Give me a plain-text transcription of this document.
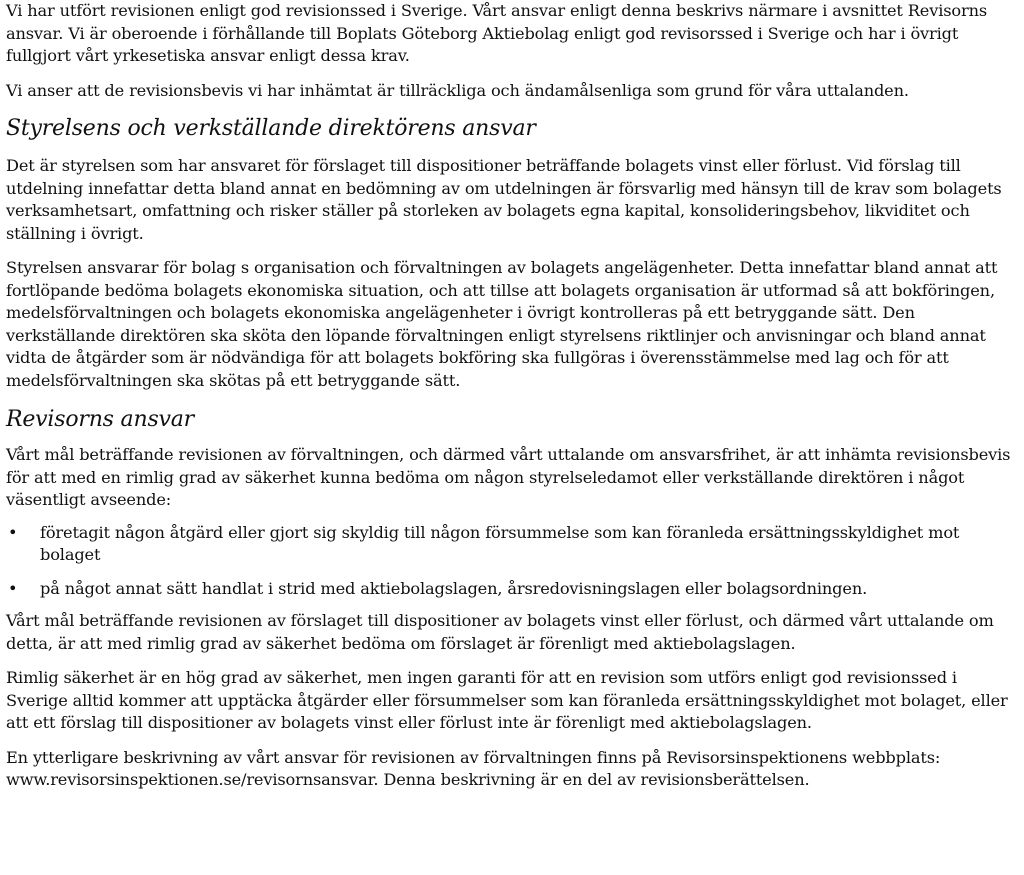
Vi har utfört revisionen enligt god revisionssed i Sverige. Vårt ansvar enligt denna beskrivs närmare i avsnittet Revisorns ansvar. Vi är oberoende i förhållande till Boplats Göteborg Aktiebolag enligt god revisorssed i Sverige och har i övrigt fullgjort vårt yrkesetiska ansvar enligt dessa krav.

Vi anser att de revisionsbevis vi har inhämtat är tillräckliga och ändamålsenliga som grund för våra uttalanden.

Styrelsens och verkställande direktörens ansvar

Det är styrelsen som har ansvaret för förslaget till dispositioner beträffande bolagets vinst eller förlust. Vid förslag till utdelning innefattar detta bland annat en bedömning av om utdelningen är försvarlig med hänsyn till de krav som bolagets verksamhetsart, omfattning och risker ställer på storleken av bolagets egna kapital, konsolideringsbehov, likviditet och ställning i övrigt.

Styrelsen ansvarar för bolag s organisation och förvaltningen av bolagets angelägenheter. Detta innefattar bland annat att fortlöpande bedöma bolagets ekonomiska situation, och att tillse att bolagets organisation är utformad så att bokföringen, medelsförvaltningen och bolagets ekonomiska angelägenheter i övrigt kontrolleras på ett betryggande sätt. Den verkställande direktören ska sköta den löpande förvaltningen enligt styrelsens riktlinjer och anvisningar och bland annat vidta de åtgärder som är nödvändiga för att bolagets bokföring ska fullgöras i överensstämmelse med lag och för att medelsförvaltningen ska skötas på ett betryggande sätt.

Revisorns ansvar

Vårt mål beträffande revisionen av förvaltningen, och därmed vårt uttalande om ansvarsfrihet, är att inhämta revisionsbevis för att med en rimlig grad av säkerhet kunna bedöma om någon styrelseledamot eller verkställande direktören i något väsentligt avseende:

• företagit någon åtgärd eller gjort sig skyldig till någon försummelse som kan föranleda ersättningsskyldighet mot bolaget
• på något annat sätt handlat i strid med aktiebolagslagen, årsredovisningslagen eller bolagsordningen.

Vårt mål beträffande revisionen av förslaget till dispositioner av bolagets vinst eller förlust, och därmed vårt uttalande om detta, är att med rimlig grad av säkerhet bedöma om förslaget är förenligt med aktiebolagslagen.

Rimlig säkerhet är en hög grad av säkerhet, men ingen garanti för att en revision som utförs enligt god revisionssed i Sverige alltid kommer att upptäcka åtgärder eller försummelser som kan föranleda ersättningsskyldighet mot bolaget, eller att ett förslag till dispositioner av bolagets vinst eller förlust inte är förenligt med aktiebolagslagen.

En ytterligare beskrivning av vårt ansvar för revisionen av förvaltningen finns på Revisorsinspektionens webbplats: www.revisorsinspektionen.se/revisornsansvar. Denna beskrivning är en del av revisionsberättelsen.
